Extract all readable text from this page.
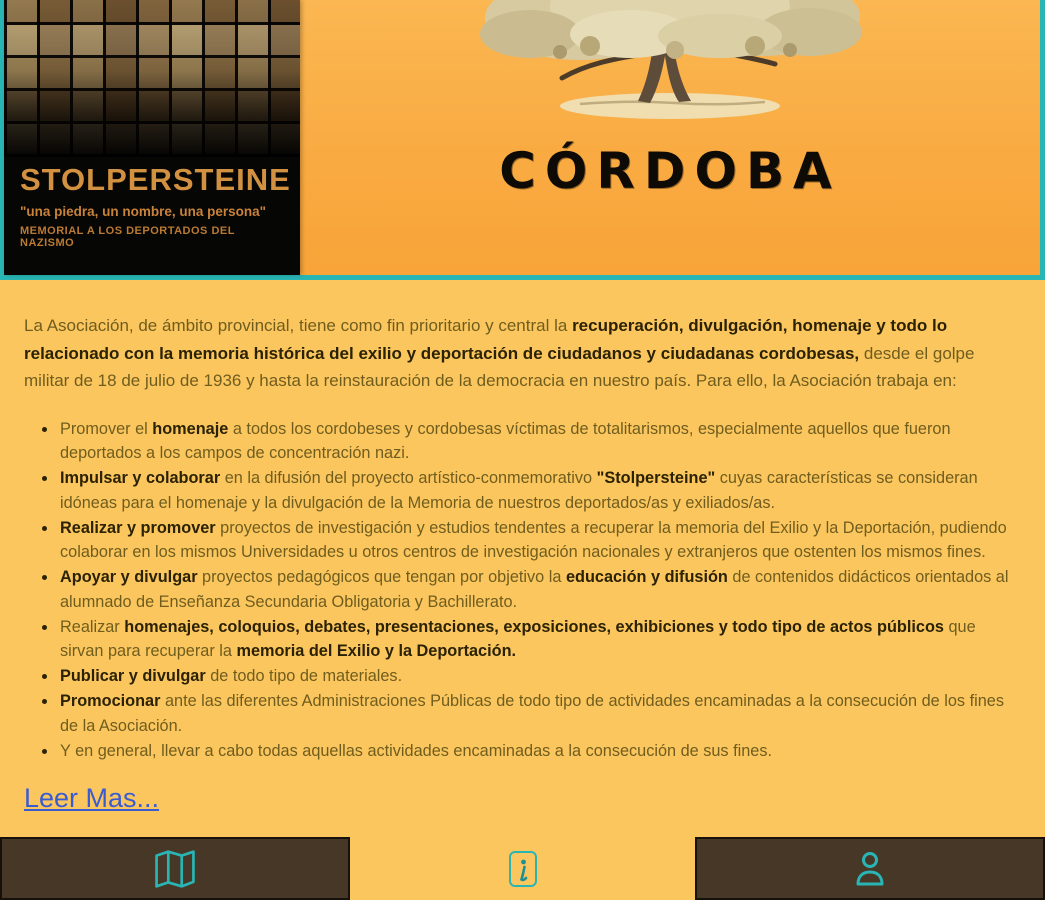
STOLPERSTEINE
"una piedra, un nombre, una persona"
MEMORIAL A LOS DEPORTADOS DEL NAZISMO
CÓRDOBA

La Asociación, de ámbito provincial, tiene como fin prioritario y central la recuperación, divulgación, homenaje y todo lo relacionado con la memoria histórica del exilio y deportación de ciudadanos y ciudadanas cordobesas, desde el golpe militar de 18 de julio de 1936 y hasta la reinstauración de la democracia en nuestro país. Para ello, la Asociación trabaja en:

• Promover el homenaje a todos los cordobeses y cordobesas víctimas de totalitarismos, especialmente aquellos que fueron deportados a los campos de concentración nazi.
• Impulsar y colaborar en la difusión del proyecto artístico-conmemorativo "Stolpersteine" cuyas características se consideran idóneas para el homenaje y la divulgación de la Memoria de nuestros deportados/as y exiliados/as.
• Realizar y promover proyectos de investigación y estudios tendentes a recuperar la memoria del Exilio y la Deportación, pudiendo colaborar en los mismos Universidades u otros centros de investigación nacionales y extranjeros que ostenten los mismos fines.
• Apoyar y divulgar proyectos pedagógicos que tengan por objetivo la educación y difusión de contenidos didácticos orientados al alumnado de Enseñanza Secundaria Obligatoria y Bachillerato.
• Realizar homenajes, coloquios, debates, presentaciones, exposiciones, exhibiciones y todo tipo de actos públicos que sirvan para recuperar la memoria del Exilio y la Deportación.
• Publicar y divulgar de todo tipo de materiales.
• Promocionar ante las diferentes Administraciones Públicas de todo tipo de actividades encaminadas a la consecución de los fines de la Asociación.
• Y en general, llevar a cabo todas aquellas actividades encaminadas a la consecución de sus fines.
Leer Mas...
